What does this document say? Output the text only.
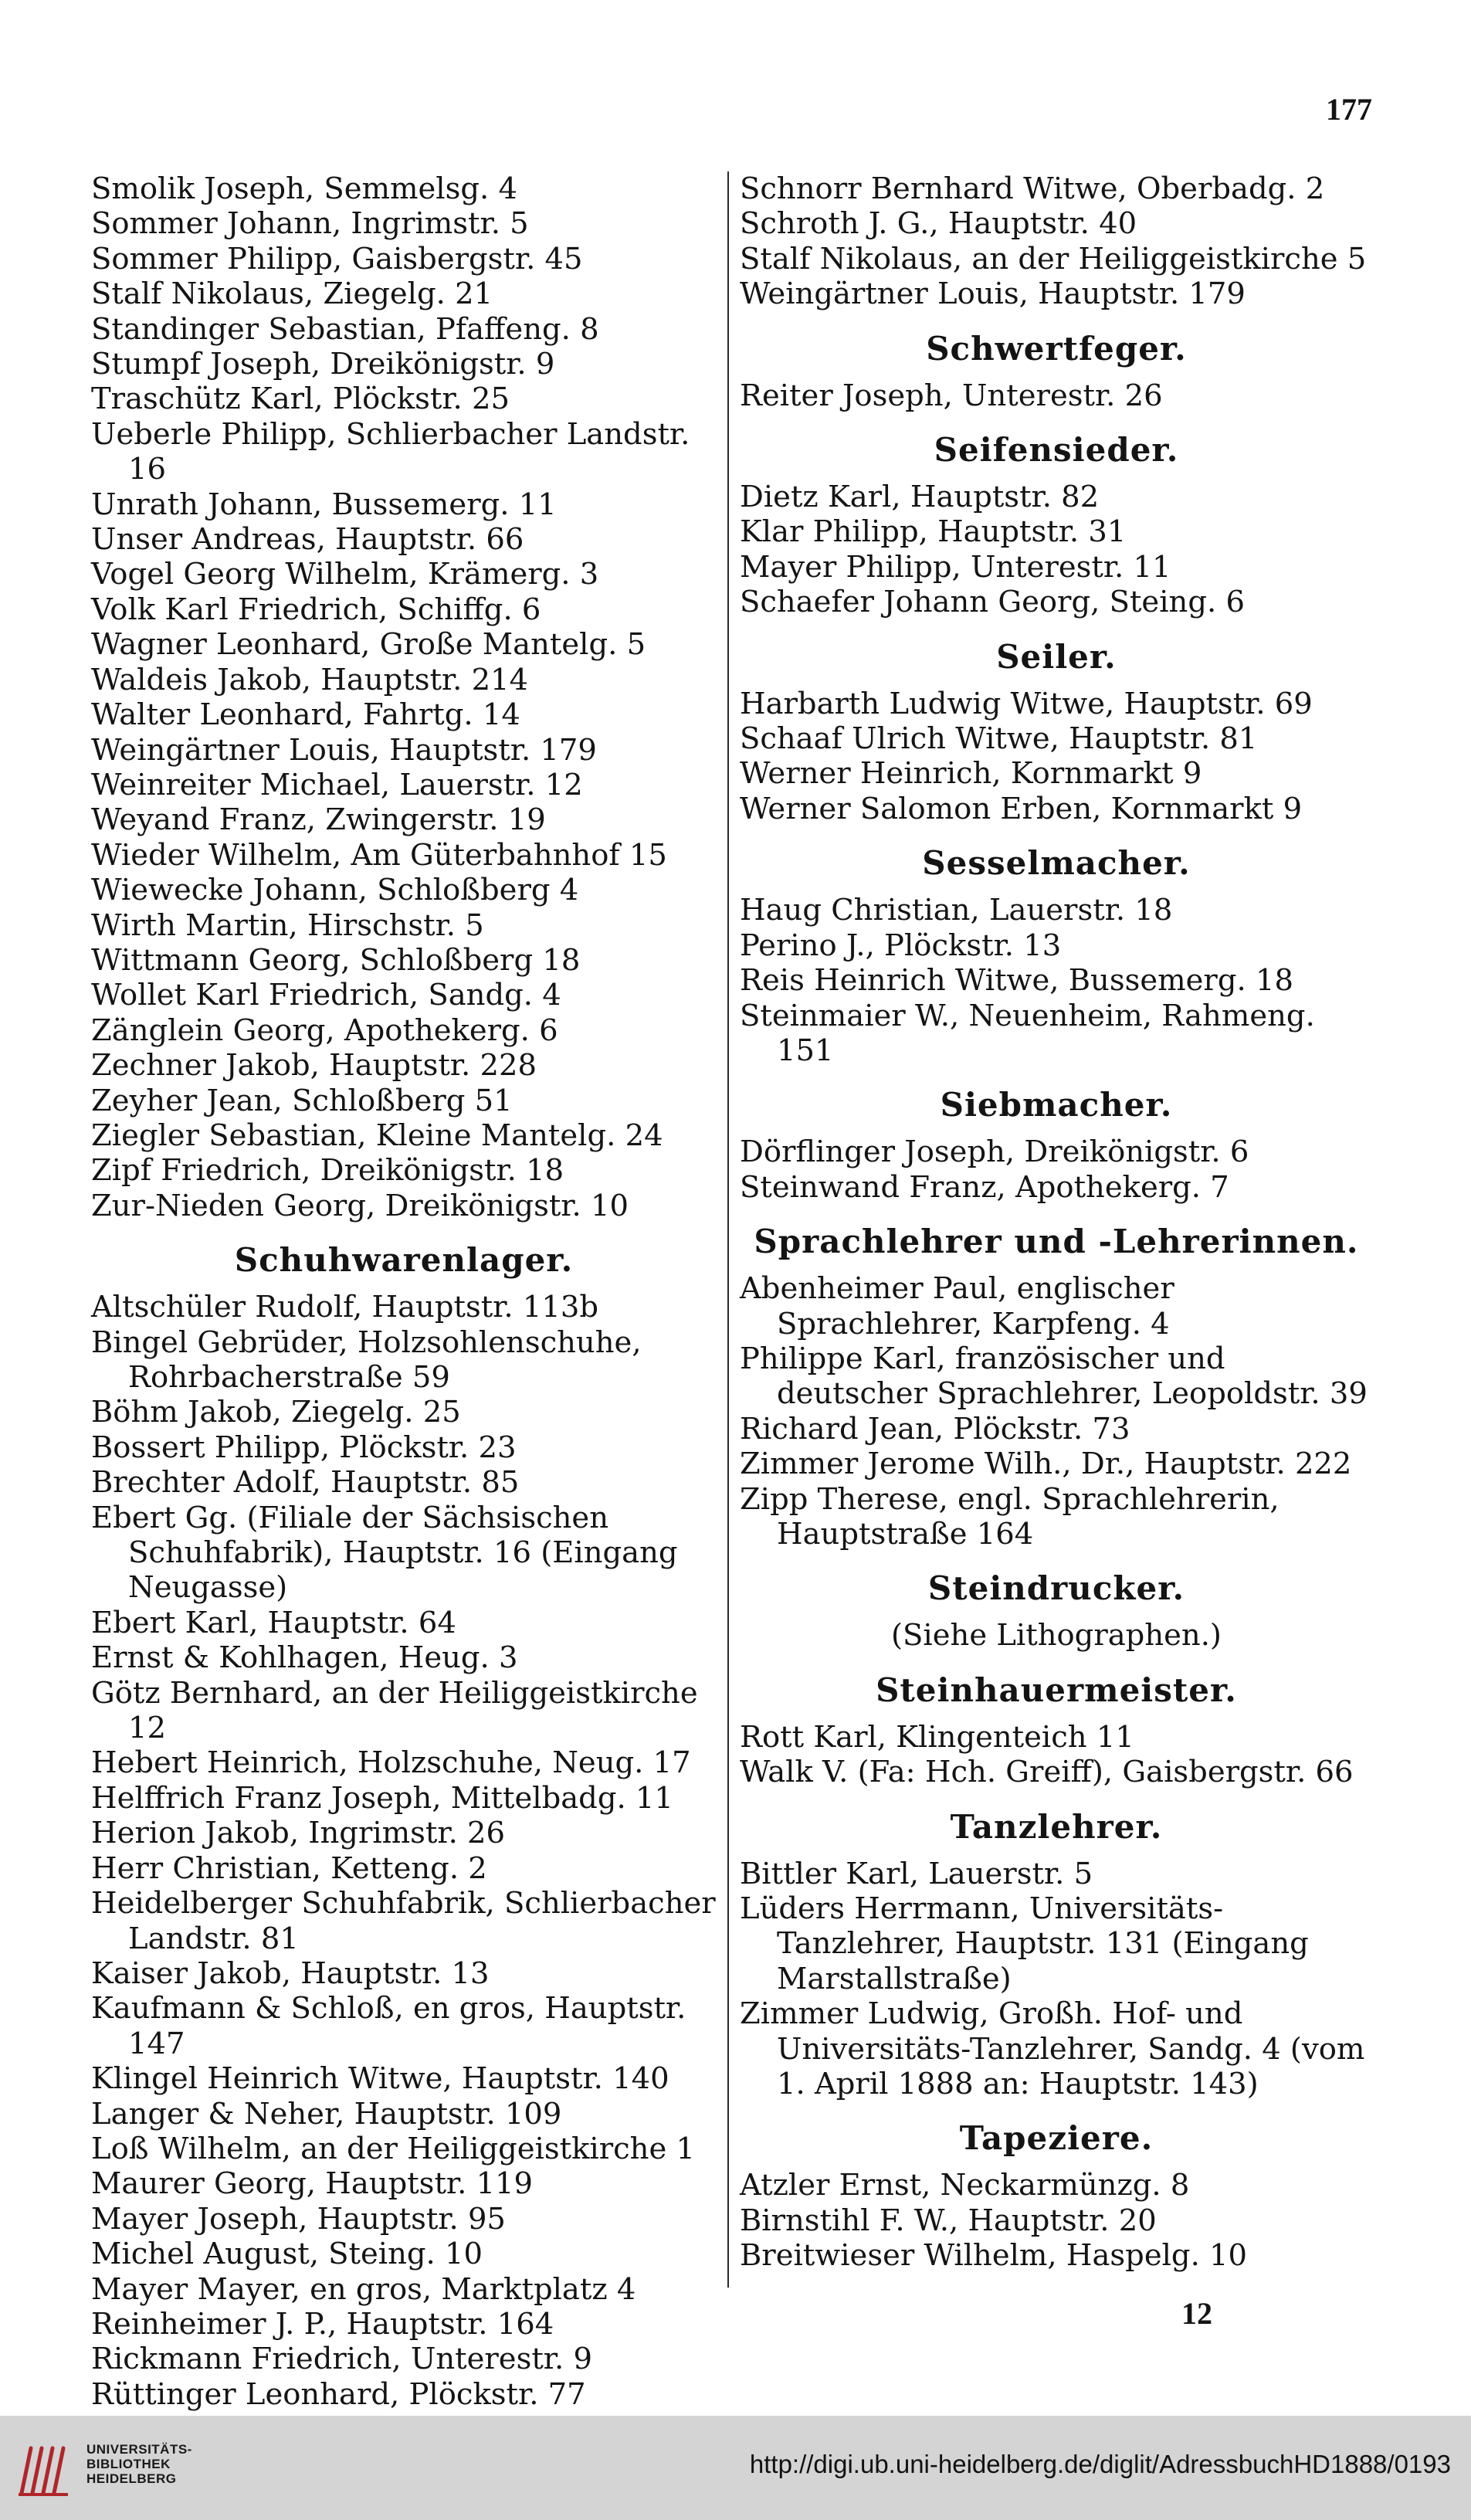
177
Smolik Joseph, Semmelsg. 4
Sommer Johann, Ingrimstr. 5
Sommer Philipp, Gaisbergstr. 45
Stalf Nikolaus, Ziegelg. 21
Standinger Sebastian, Pfaffeng. 8
Stumpf Joseph, Dreikönigstr. 9
Traschütz Karl, Plöckstr. 25
Ueberle Philipp, Schlierbacher Landstr. 16
Unrath Johann, Bussemerg. 11
Unser Andreas, Hauptstr. 66
Vogel Georg Wilhelm, Krämerg. 3
Volk Karl Friedrich, Schiffg. 6
Wagner Leonhard, Große Mantelg. 5
Waldeis Jakob, Hauptstr. 214
Walter Leonhard, Fahrtg. 14
Weingärtner Louis, Hauptstr. 179
Weinreiter Michael, Lauerstr. 12
Weyand Franz, Zwingerstr. 19
Wieder Wilhelm, Am Güterbahnhof 15
Wiewecke Johann, Schloßberg 4
Wirth Martin, Hirschstr. 5
Wittmann Georg, Schloßberg 18
Wollet Karl Friedrich, Sandg. 4
Zänglein Georg, Apothekerg. 6
Zechner Jakob, Hauptstr. 228
Zeyher Jean, Schloßberg 51
Ziegler Sebastian, Kleine Mantelg. 24
Zipf Friedrich, Dreikönigstr. 18
Zur-Nieden Georg, Dreikönigstr. 10
Schuhwarenlager.
Altschüler Rudolf, Hauptstr. 113b
Bingel Gebrüder, Holzsohlenschuhe, Rohrbacherstraße 59
Böhm Jakob, Ziegelg. 25
Bossert Philipp, Plöckstr. 23
Brechter Adolf, Hauptstr. 85
Ebert Gg. (Filiale der Sächsischen Schuhfabrik), Hauptstr. 16 (Eingang Neugasse)
Ebert Karl, Hauptstr. 64
Ernst & Kohlhagen, Heug. 3
Götz Bernhard, an der Heiliggeistkirche 12
Hebert Heinrich, Holzschuhe, Neug. 17
Helffrich Franz Joseph, Mittelbadg. 11
Herion Jakob, Ingrimstr. 26
Herr Christian, Ketteng. 2
Heidelberger Schuhfabrik, Schlierbacher Landstr. 81
Kaiser Jakob, Hauptstr. 13
Kaufmann & Schloß, en gros, Hauptstr. 147
Klingel Heinrich Witwe, Hauptstr. 140
Langer & Neher, Hauptstr. 109
Loß Wilhelm, an der Heiliggeistkirche 1
Maurer Georg, Hauptstr. 119
Mayer Joseph, Hauptstr. 95
Michel August, Steing. 10
Mayer Mayer, en gros, Marktplatz 4
Reinheimer J. P., Hauptstr. 164
Rickmann Friedrich, Unterestr. 9
Rüttinger Leonhard, Plöckstr. 77
Schnorr Bernhard Witwe, Oberbadg. 2
Schroth J. G., Hauptstr. 40
Stalf Nikolaus, an der Heiliggeistkirche 5
Weingärtner Louis, Hauptstr. 179
Schwertfeger.
Reiter Joseph, Unterestr. 26
Seifensieder.
Dietz Karl, Hauptstr. 82
Klar Philipp, Hauptstr. 31
Mayer Philipp, Unterestr. 11
Schaefer Johann Georg, Steing. 6
Seiler.
Harbarth Ludwig Witwe, Hauptstr. 69
Schaaf Ulrich Witwe, Hauptstr. 81
Werner Heinrich, Kornmarkt 9
Werner Salomon Erben, Kornmarkt 9
Sesselmacher.
Haug Christian, Lauerstr. 18
Perino J., Plöckstr. 13
Reis Heinrich Witwe, Bussemerg. 18
Steinmaier W., Neuenheim, Rahmeng. 151
Siebmacher.
Dörflinger Joseph, Dreikönigstr. 6
Steinwand Franz, Apothekerg. 7
Sprachlehrer und -Lehrerinnen.
Abenheimer Paul, englischer Sprachlehrer, Karpfeng. 4
Philippe Karl, französischer und deutscher Sprachlehrer, Leopoldstr. 39
Richard Jean, Plöckstr. 73
Zimmer Jerome Wilh., Dr., Hauptstr. 222
Zipp Therese, engl. Sprachlehrerin, Hauptstraße 164
Steindrucker.
(Siehe Lithographen.)
Steinhauermeister.
Rott Karl, Klingenteich 11
Walk V. (Fa: Hch. Greiff), Gaisbergstr. 66
Tanzlehrer.
Bittler Karl, Lauerstr. 5
Lüders Herrmann, Universitäts-Tanzlehrer, Hauptstr. 131 (Eingang Marstallstraße)
Zimmer Ludwig, Großh. Hof- und Universitäts-Tanzlehrer, Sandg. 4 (vom 1. April 1888 an: Hauptstr. 143)
Tapeziere.
Atzler Ernst, Neckarmünzg. 8
Birnstihl F. W., Hauptstr. 20
Breitwieser Wilhelm, Haspelg. 10
12
UNIVERSITÄTS-
BIBLIOTHEK
HEIDELBERG
http://digi.ub.uni-heidelberg.de/diglit/AdressbuchHD1888/0193
